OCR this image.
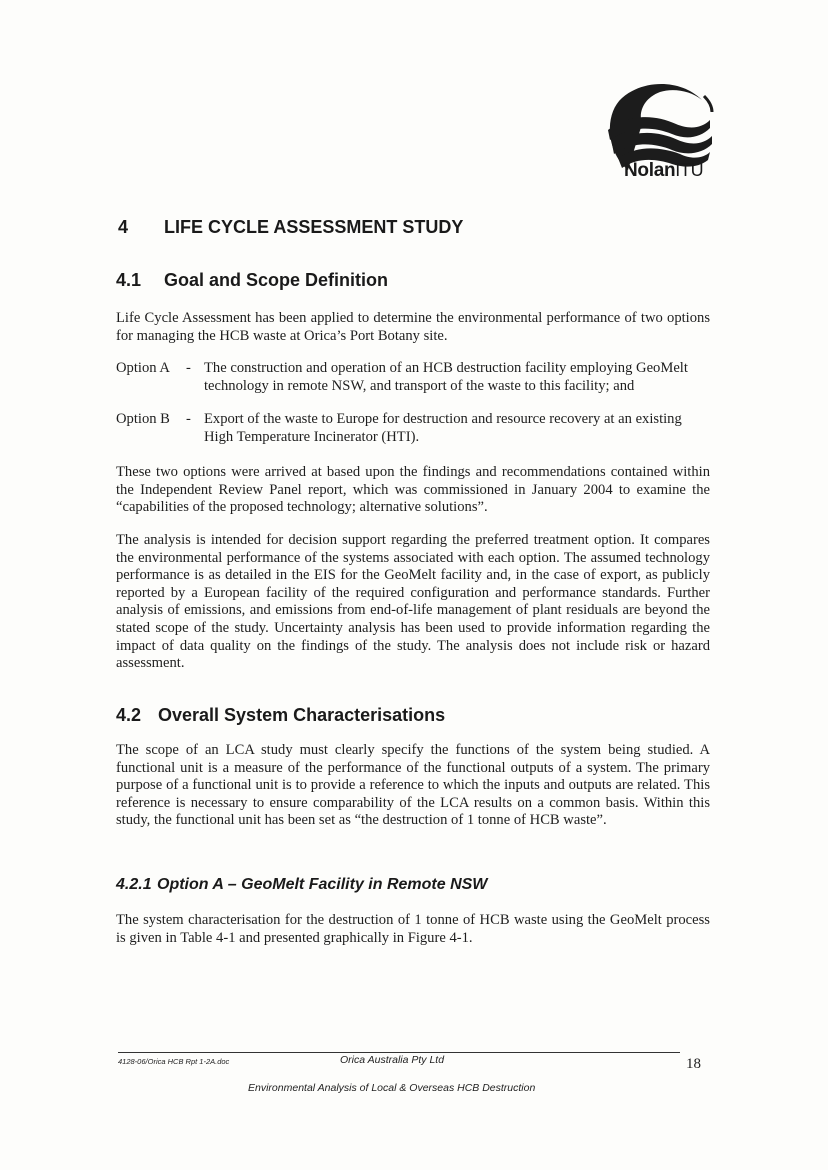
NolanITU
4 LIFE CYCLE ASSESSMENT STUDY
4.1 Goal and Scope Definition

Life Cycle Assessment has been applied to determine the environmental performance of two options for managing the HCB waste at Orica’s Port Botany site.

Option A - The construction and operation of an HCB destruction facility employing GeoMelt technology in remote NSW, and transport of the waste to this facility; and
Option B - Export of the waste to Europe for destruction and resource recovery at an existing High Temperature Incinerator (HTI).

These two options were arrived at based upon the findings and recommendations contained within the Independent Review Panel report, which was commissioned in January 2004 to examine the “capabilities of the proposed technology; alternative solutions”.

The analysis is intended for decision support regarding the preferred treatment option. It compares the environmental performance of the systems associated with each option. The assumed technology performance is as detailed in the EIS for the GeoMelt facility and, in the case of export, as publicly reported by a European facility of the required configuration and performance standards. Further analysis of emissions, and emissions from end-of-life management of plant residuals are beyond the stated scope of the study. Uncertainty analysis has been used to provide information regarding the impact of data quality on the findings of the study. The analysis does not include risk or hazard assessment.

4.2 Overall System Characterisations

The scope of an LCA study must clearly specify the functions of the system being studied. A functional unit is a measure of the performance of the functional outputs of a system. The primary purpose of a functional unit is to provide a reference to which the inputs and outputs are related. This reference is necessary to ensure comparability of the LCA results on a common basis. Within this study, the functional unit has been set as “the destruction of 1 tonne of HCB waste”.

4.2.1 Option A – GeoMelt Facility in Remote NSW

The system characterisation for the destruction of 1 tonne of HCB waste using the GeoMelt process is given in Table 4-1 and presented graphically in Figure 4-1.

4128-06/Orica HCB Rpt 1-2A.doc	Orica Australia Pty Ltd	18
Environmental Analysis of Local & Overseas HCB Destruction
